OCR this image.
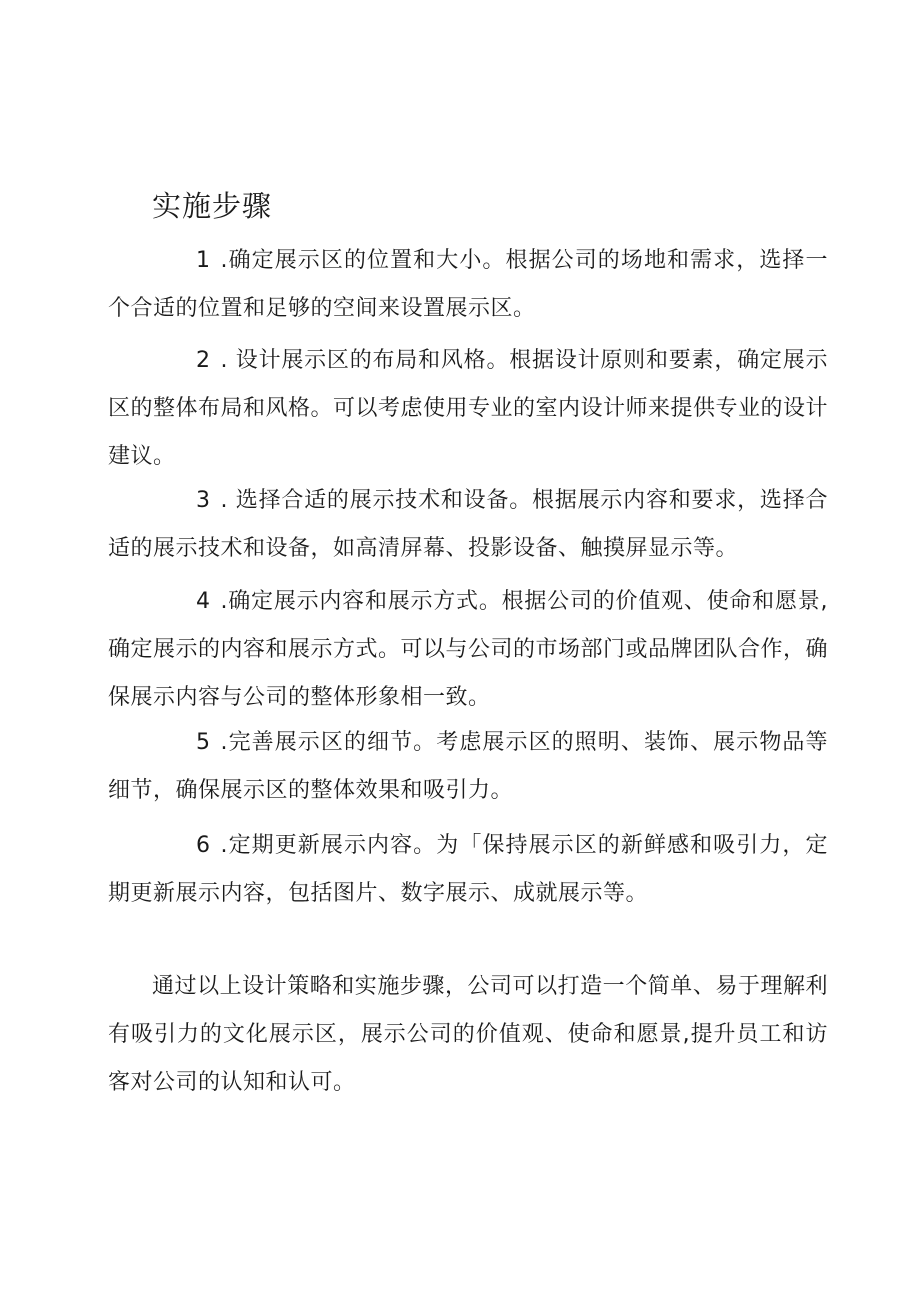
实施步骤

1 .确定展示区的位置和大小。根据公司的场地和需求，选择一个合适的位置和足够的空间来设置展示区。

2 . 设计展示区的布局和风格。根据设计原则和要素，确定展示区的整体布局和风格。可以考虑使用专业的室内设计师来提供专业的设计建议。

3 . 选择合适的展示技术和设备。根据展示内容和要求，选择合适的展示技术和设备，如高清屏幕、投影设备、触摸屏显示等。

4 .确定展示内容和展示方式。根据公司的价值观、使命和愿景,确定展示的内容和展示方式。可以与公司的市场部门或品牌团队合作，确保展示内容与公司的整体形象相一致。

5 .完善展示区的细节。考虑展示区的照明、装饰、展示物品等细节，确保展示区的整体效果和吸引力。

6 .定期更新展示内容。为「保持展示区的新鲜感和吸引力，定期更新展示内容，包括图片、数字展示、成就展示等。

通过以上设计策略和实施步骤，公司可以打造一个简单、易于理解利有吸引力的文化展示区，展示公司的价值观、使命和愿景,提升员工和访客对公司的认知和认可。
